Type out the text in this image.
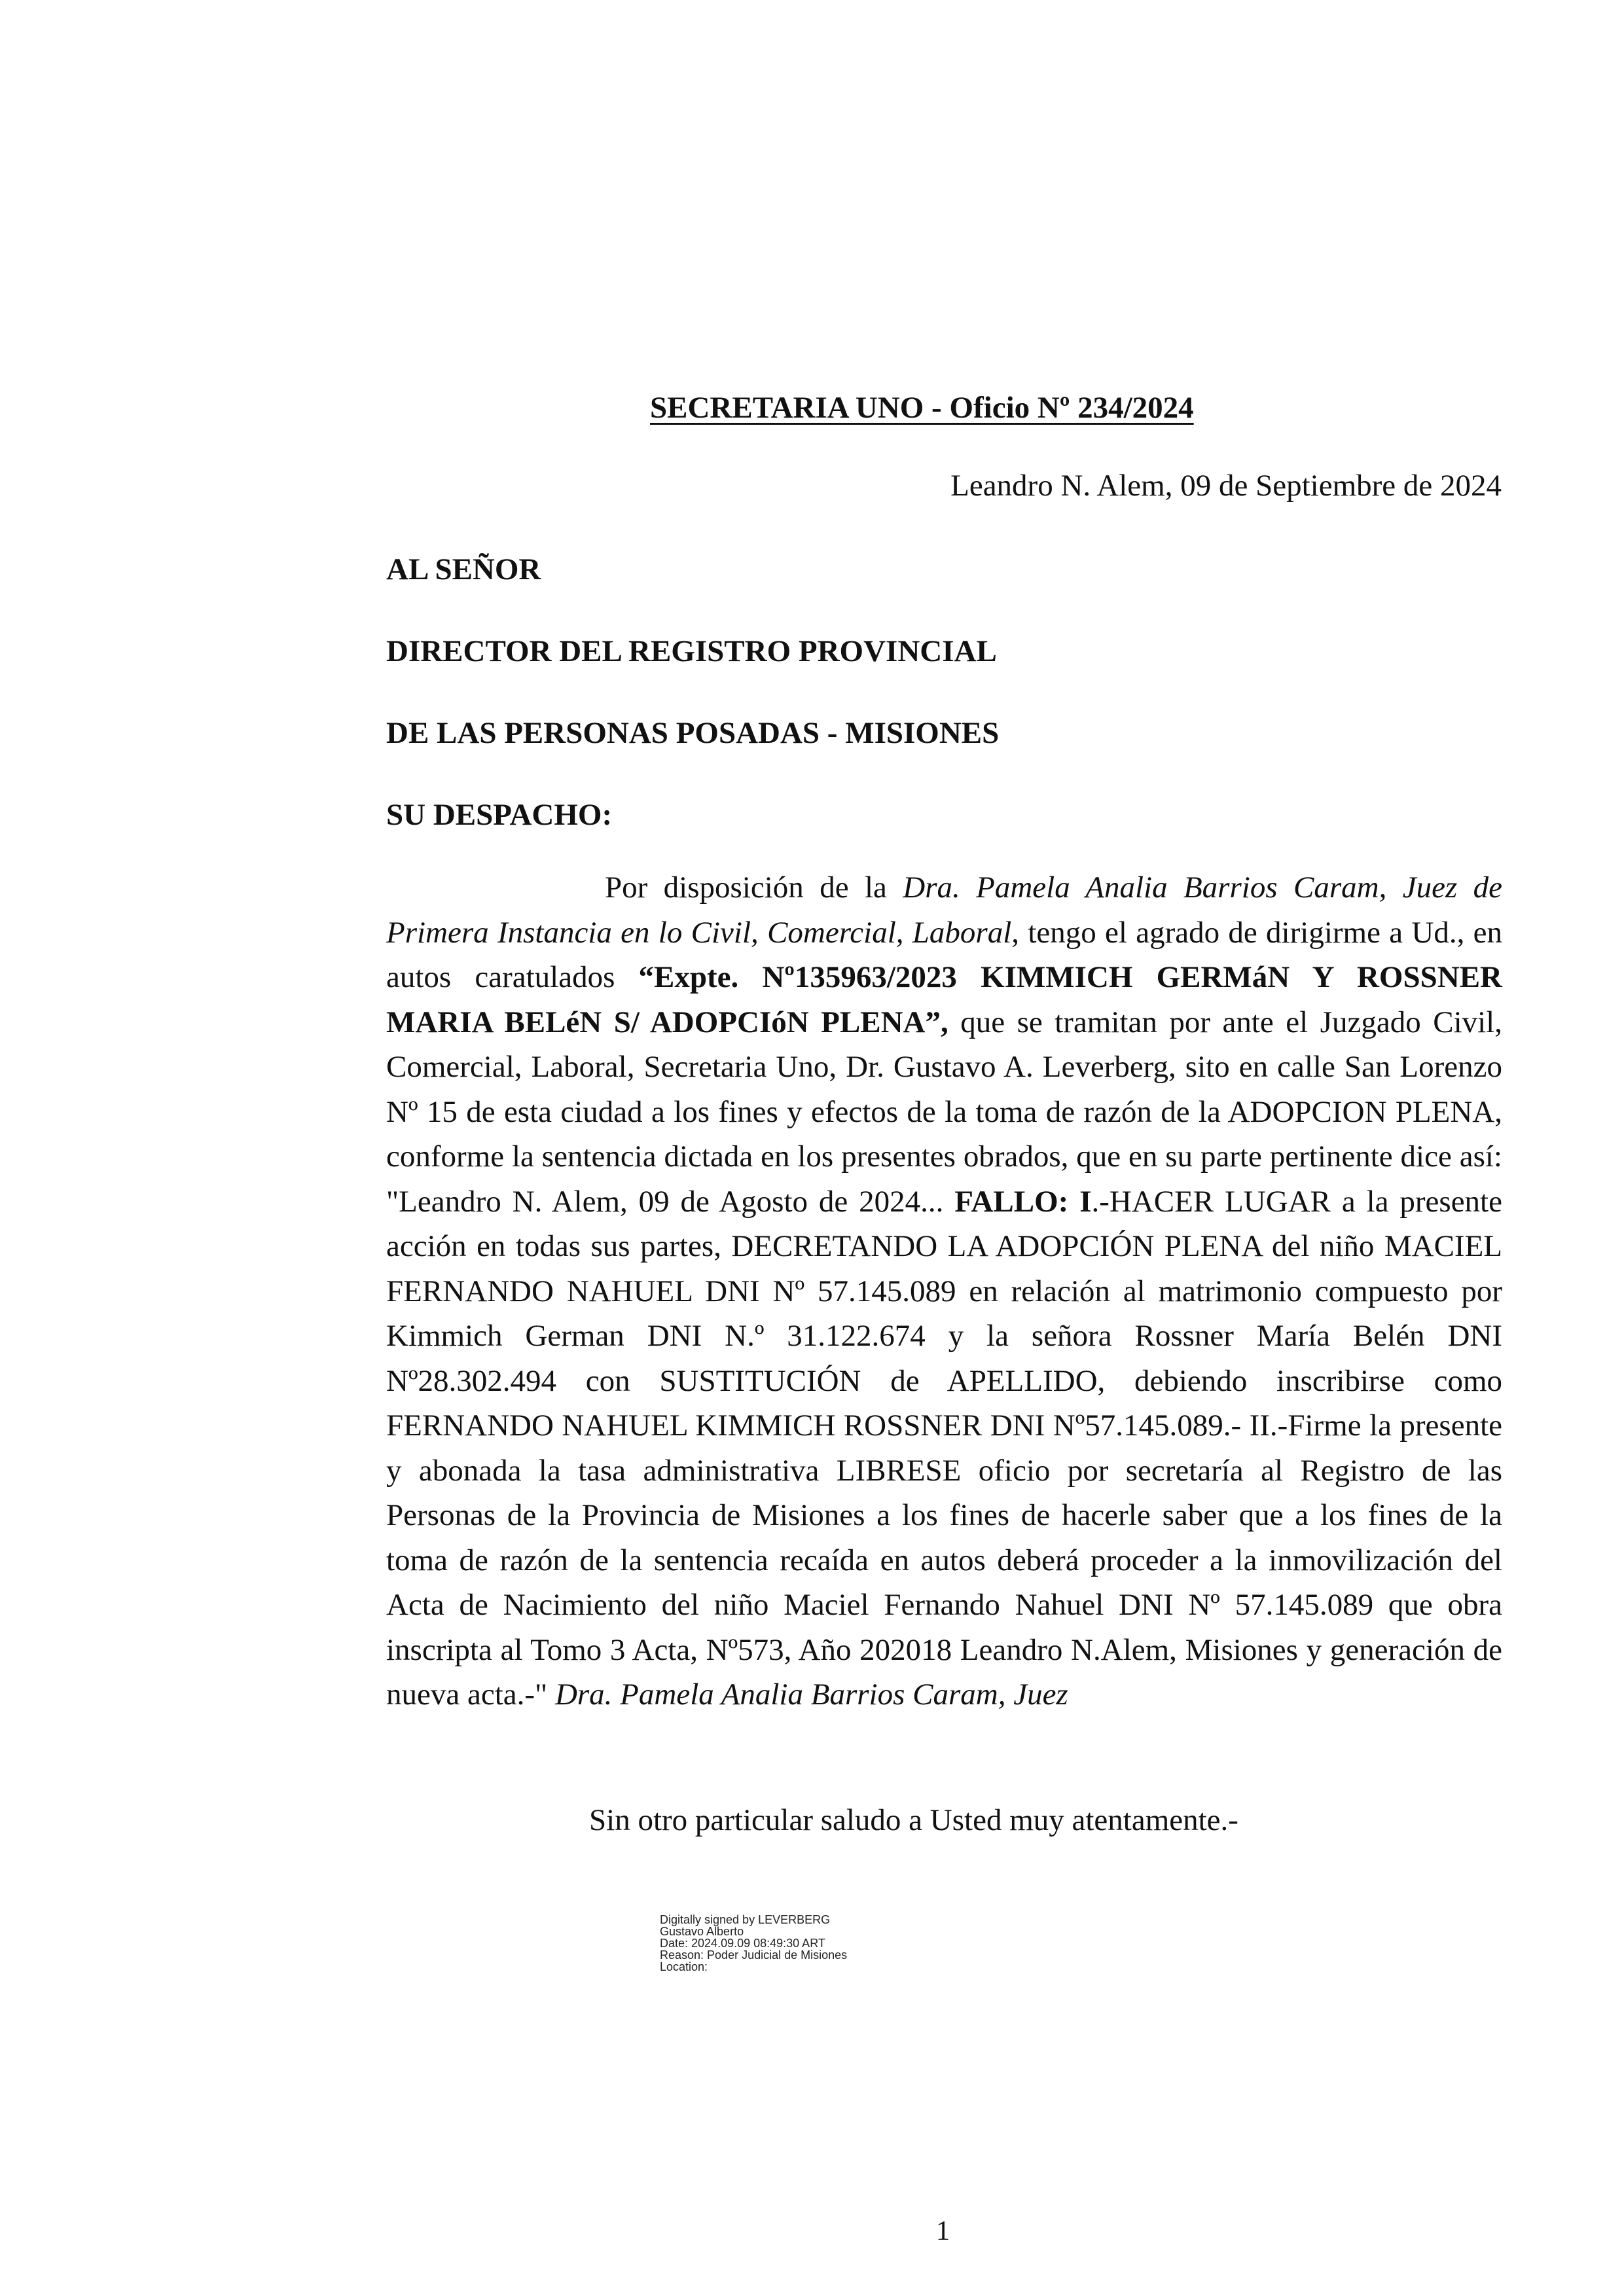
SECRETARIA UNO - Oficio Nº 234/2024
Leandro N. Alem, 09 de Septiembre de 2024
AL SEÑOR
DIRECTOR DEL REGISTRO PROVINCIAL
DE LAS PERSONAS POSADAS - MISIONES
SU DESPACHO:

Por disposición de la Dra. Pamela Analia Barrios Caram, Juez de Primera Instancia en lo Civil, Comercial, Laboral, tengo el agrado de dirigirme a Ud., en autos caratulados “Expte. Nº135963/2023 KIMMICH GERMáN Y ROSSNER MARIA BELéN S/ ADOPCIóN PLENA”, que se tramitan por ante el Juzgado Civil, Comercial, Laboral, Secretaria Uno, Dr. Gustavo A. Leverberg, sito en calle San Lorenzo Nº 15 de esta ciudad a los fines y efectos de la toma de razón de la ADOPCION PLENA, conforme la sentencia dictada en los presentes obrados, que en su parte pertinente dice así: "Leandro N. Alem, 09 de Agosto de 2024... FALLO: I.-HACER LUGAR a la presente acción en todas sus partes, DECRETANDO LA ADOPCIÓN PLENA del niño MACIEL FERNANDO NAHUEL DNI Nº 57.145.089 en relación al matrimonio compuesto por Kimmich German DNI N.º 31.122.674 y la señora Rossner María Belén DNI Nº28.302.494 con SUSTITUCIÓN de APELLIDO, debiendo inscribirse como FERNANDO NAHUEL KIMMICH ROSSNER DNI Nº57.145.089.- II.-Firme la presente y abonada la tasa administrativa LIBRESE oficio por secretaría al Registro de las Personas de la Provincia de Misiones a los fines de hacerle saber que a los fines de la toma de razón de la sentencia recaída en autos deberá proceder a la inmovilización del Acta de Nacimiento del niño Maciel Fernando Nahuel DNI Nº 57.145.089 que obra inscripta al Tomo 3 Acta, Nº573, Año 202018 Leandro N.Alem, Misiones y generación de nueva acta.-" Dra. Pamela Analia Barrios Caram, Juez

Sin otro particular saludo a Usted muy atentamente.-
Digitally signed by LEVERBERG
Gustavo Alberto
Date: 2024.09.09 08:49:30 ART
Reason: Poder Judicial de Misiones
Location:
1
